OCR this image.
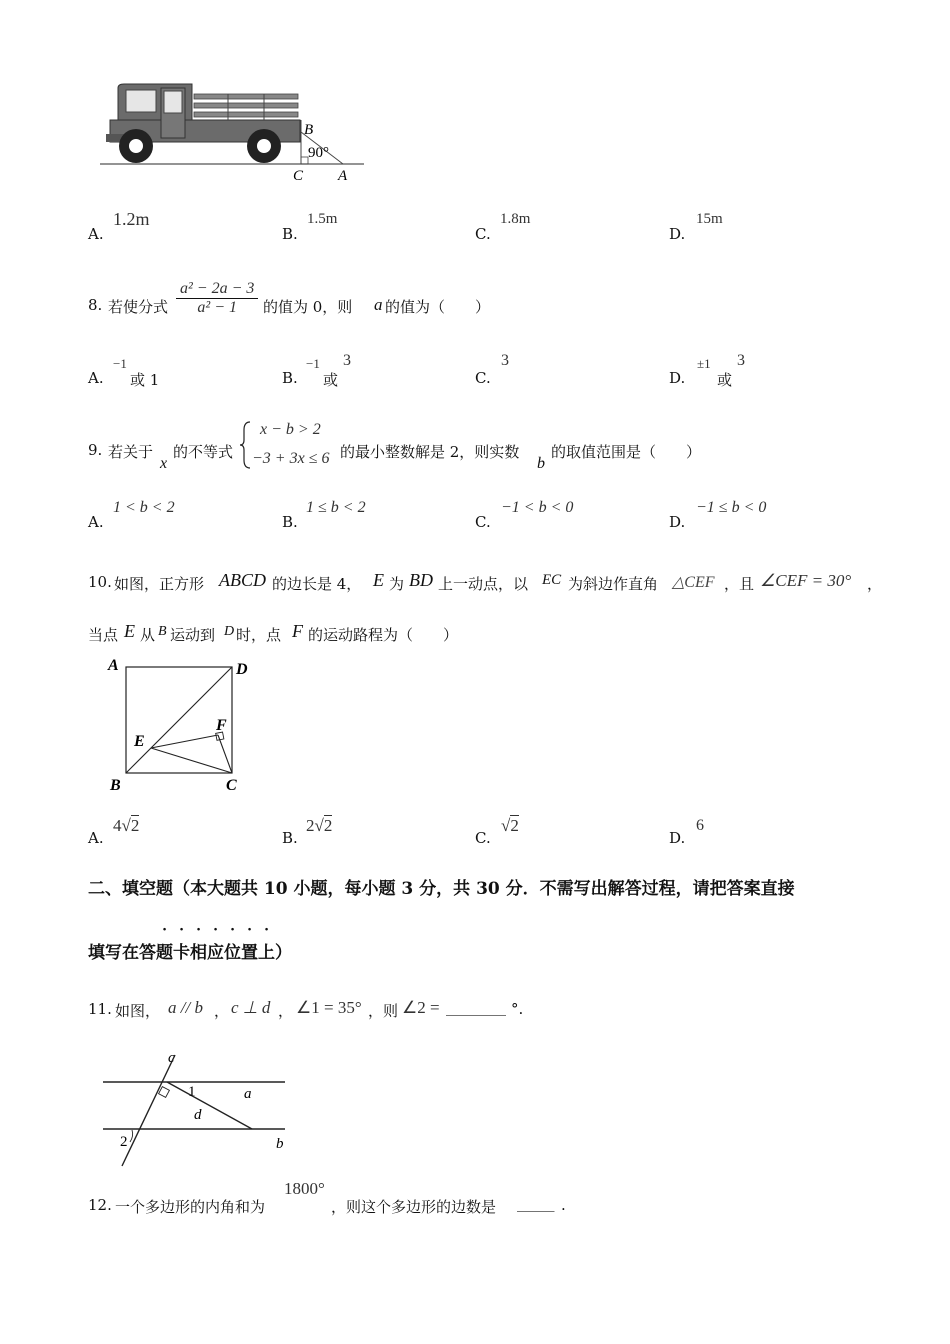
B
90°
C A
A.
1.2m
B.
1.5m
C.
1.8m
D.
15m
8. 若使分式 $\frac{\text{a² − 2a − 3}}{\text{a² − 1}}$ 的值为 0，则 a 的值为（　　）
A.
−1
或 1	B.
−1
或
3
C.
3
D.
±1
或
3
9. 若关于
x
的不等式
x − b > 2
−3 + 3x ≤ 6 的最小整数解是 2，则实数
b
的取值范围是（　　）
A.
1 < b < 2
B.
1 ≤ b < 2
C.
−1 < b < 0
D.
−1 ≤ b < 0
10. 如图，正方形 ABCD 的边长是 4， E 为 BD 上一动点，以 EC 为斜边作直角 △CEF ，且 ∠CEF = 30° ，
当点 E 从 B 运动到 D 时，点 F 的运动路程为（　　）
A	D
E
F
B	C
A.
4√2
B.
2√2
C.
√2
D.
6
二、填空题（本大题共 10 小题，每小题 3 分，共 30 分．不需写出解答过程，请把答案直接
· · · · · · ·
填写在答题卡相应位置上）
11. 如图， a // b ， c ⊥ d ， ∠1 = 35° ，则 ∠2 = ________ °.
c
1	a
d
2	b
12. 一个多边形的内角和为
1800°
，则这个多边形的边数是 _____ .
